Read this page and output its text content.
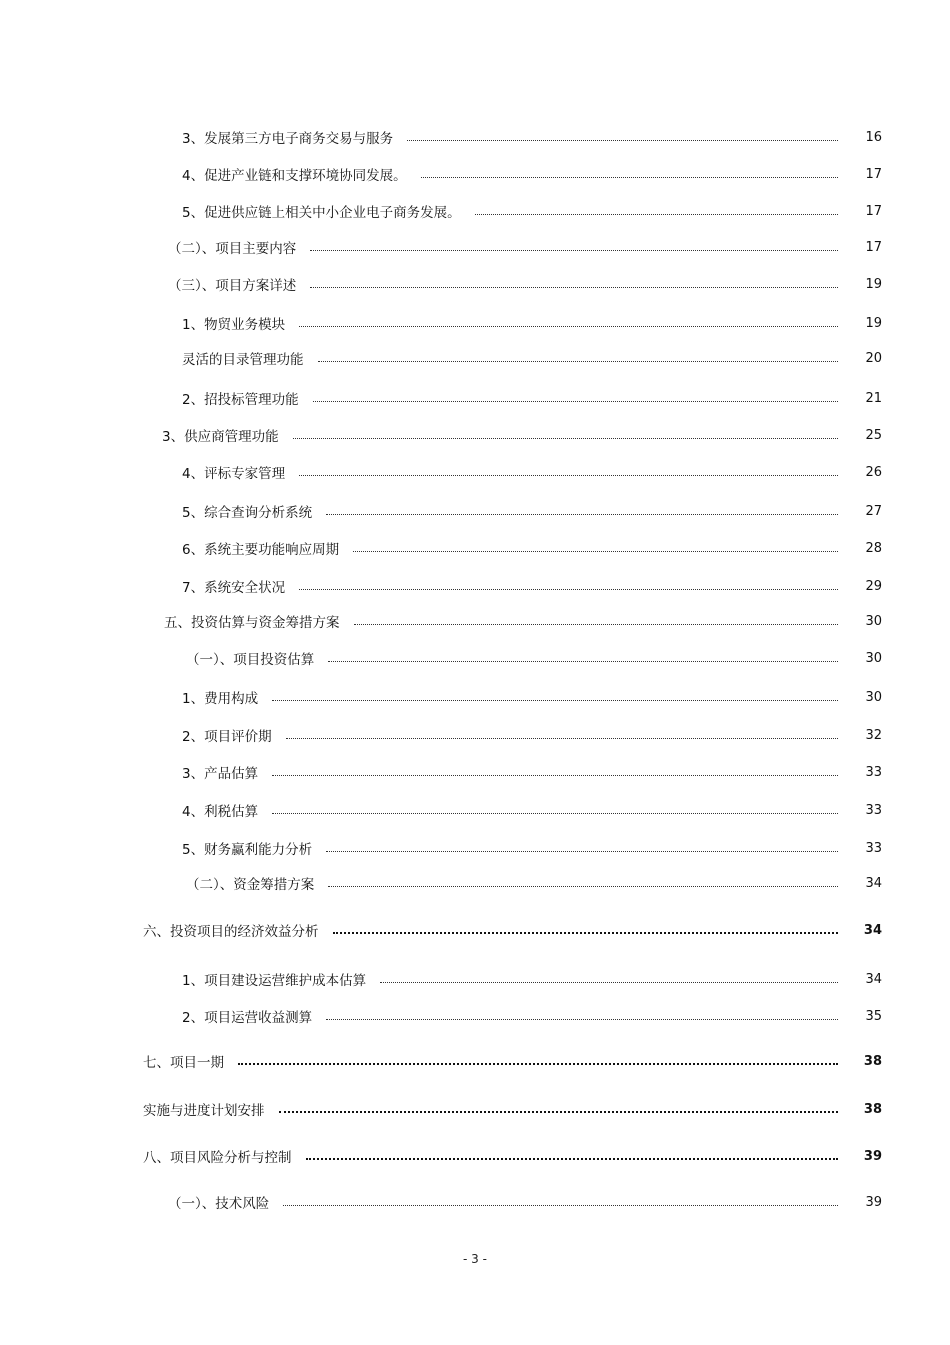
3、发展第三方电子商务交易与服务	16
4、促进产业链和支撑环境协同发展。	17
5、促进供应链上相关中小企业电子商务发展。	17
（二）、项目主要内容	17
（三）、项目方案详述	19
1、物贸业务模块	19
灵活的目录管理功能	20
2、招投标管理功能	21
3、供应商管理功能	25
4、评标专家管理	26
5、综合查询分析系统	27
6、系统主要功能响应周期	28
7、系统安全状况	29
五、投资估算与资金筹措方案	30
（一）、项目投资估算	30
1、费用构成	30
2、项目评价期	32
3、产品估算	33
4、利税估算	33
5、财务赢利能力分析	33
（二）、资金筹措方案	34
六、投资项目的经济效益分析	34
1、项目建设运营维护成本估算	34
2、项目运营收益测算	35
七、项目一期	38
实施与进度计划安排	38
八、项目风险分析与控制	39
（一）、技术风险	39
- 3 -
